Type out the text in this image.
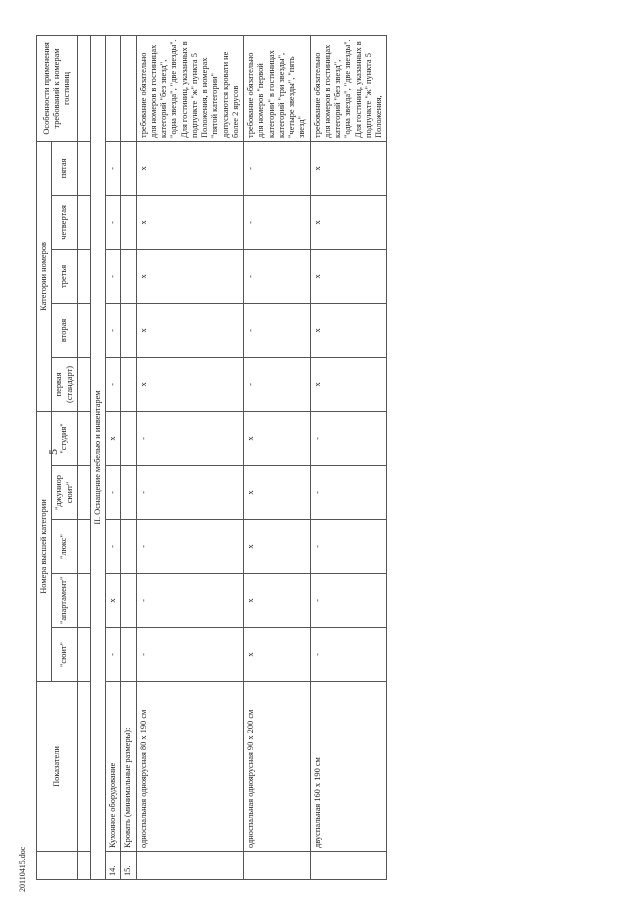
5
20110415.doc
	Показатели	Номера высшей категории					Категории номеров					Особенности применения требований к номерам гостиниц
		"сюит"	"апартамент"	"люкс"	"джуниор сюит"	"студия"	первая (стандарт)	вторая	третья	четвертая	пятая	

II. Оснащение мебелью и инвентарем												
14.	Кухонное оборудование	-	x	-	-	x	-	-	-	-	-	
15.	Кровать (минимальные размеры):											
	односпальная одноярусная 80 х 190 см	-	-	-	-	-	x	x	x	x	x	требование обязательно для номеров в гостиницах категорий "без звезд", "одна звезда", "две звезды". Для гостиниц, указанных в подпункте "ж" пункта 5 Положения, в номерах "пятой категории" допускаются кровати не более 2 ярусов
	односпальная одноярусная 90 х 200 см	x	x	x	x	x	-	-	-	-	-	требование обязательно для номеров "первой категории" в гостиницах категорий "три звезды", "четыре звезды", "пять звезд"
	двуспальная 160 х 190 см	-	-	-	-	-	x	x	x	x	x	требование обязательно для номеров в гостиницах категорий "без звезд", "одна звезда", "две звезды". Для гостиниц, указанных в подпункте "ж" пункта 5 Положения,
